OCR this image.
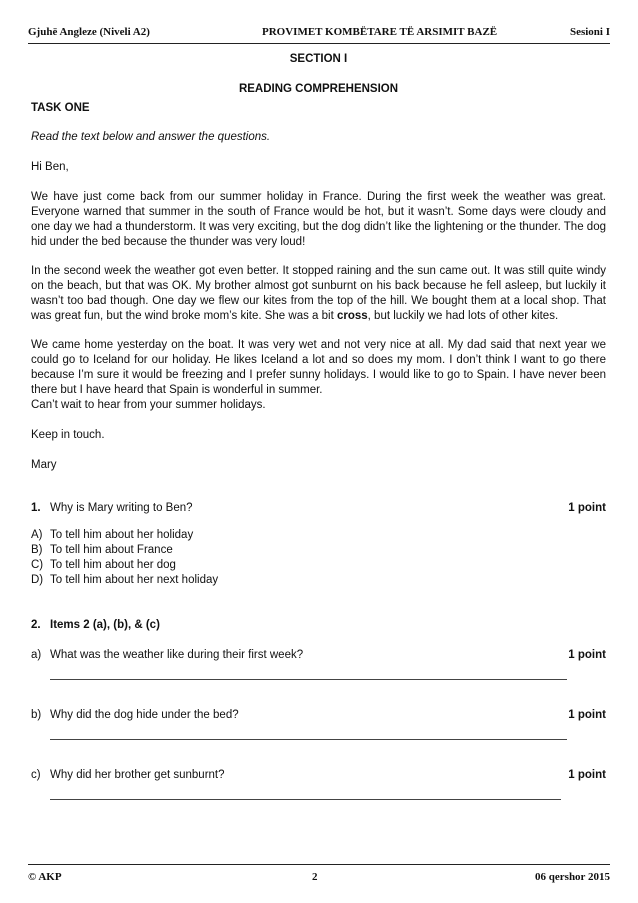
Gjuhë Angleze (Niveli A2)	PROVIMET KOMBËTARE TË ARSIMIT BAZË	Sesioni I

SECTION I

READING COMPREHENSION

TASK ONE

Read the text below and answer the questions.

Hi Ben,

We have just come back from our summer holiday in France. During the first week the weather was great. Everyone warned that summer in the south of France would be hot, but it wasn’t. Some days were cloudy and one day we had a thunderstorm. It was very exciting, but the dog didn’t like the lightening or the thunder. The dog hid under the bed because the thunder was very loud!

In the second week the weather got even better. It stopped raining and the sun came out. It was still quite windy on the beach, but that was OK. My brother almost got sunburnt on his back because he fell asleep, but luckily it wasn’t too bad though. One day we flew our kites from the top of the hill. We bought them at a local shop. That was great fun, but the wind broke mom’s kite. She was a bit cross, but luckily we had lots of other kites.

We came home yesterday on the boat. It was very wet and not very nice at all. My dad said that next year we could go to Iceland for our holiday. He likes Iceland a lot and so does my mom. I don’t think I want to go there because I’m sure it would be freezing and I prefer sunny holidays. I would like to go to Spain. I have never been there but I have heard that Spain is wonderful in summer.

Can’t wait to hear from your summer holidays.

Keep in touch.

Mary

1. Why is Mary writing to Ben?	1 point
A) To tell him about her holiday
B) To tell him about France
C) To tell him about her dog
D) To tell him about her next holiday
2. Items 2 (a), (b), & (c)
a) What was the weather like during their first week?	1 point
b) Why did the dog hide under the bed?	1 point
c) Why did her brother get sunburnt?	1 point
© AKP	2	06 qershor 2015
